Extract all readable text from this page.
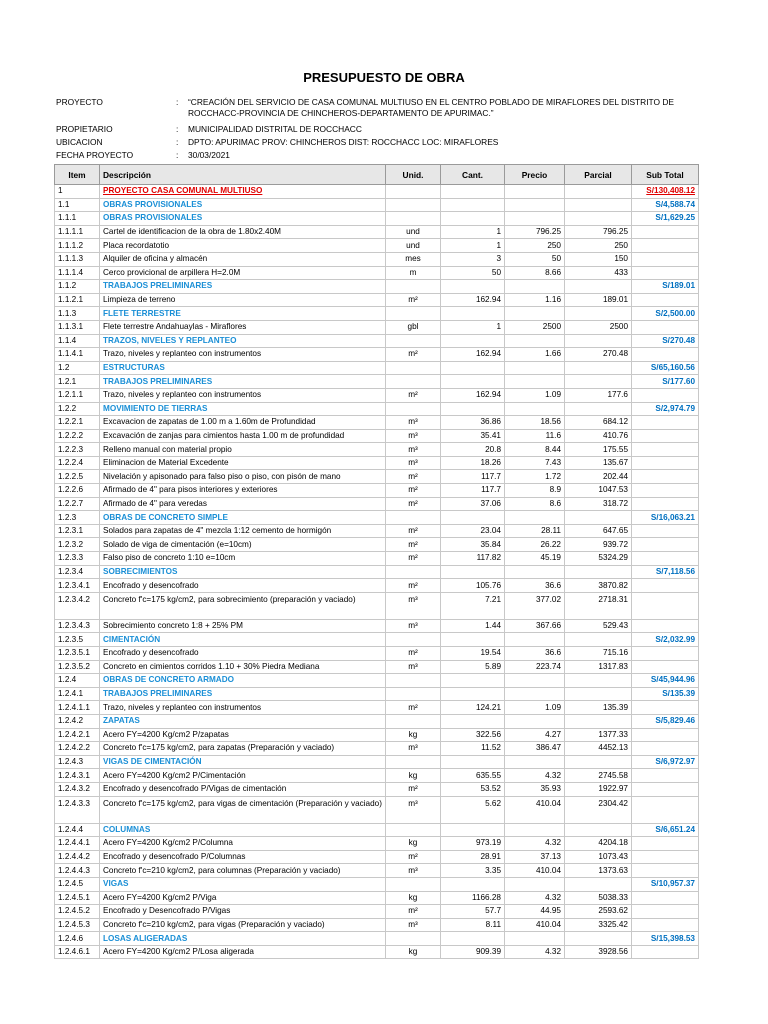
PRESUPUESTO DE OBRA
PROYECTO	: “CREACIÓN DEL SERVICIO DE CASA COMUNAL MULTIUSO EN EL CENTRO POBLADO DE MIRAFLORES DEL DISTRITO DE ROCCHACC-PROVINCIA DE CHINCHEROS-DEPARTAMENTO DE APURIMAC.”
PROPIETARIO	: MUNICIPALIDAD DISTRITAL DE ROCCHACC
UBICACION	: DPTO: APURIMAC PROV: CHINCHEROS DIST: ROCCHACC LOC: MIRAFLORES
FECHA PROYECTO	: 30/03/2021
Item	Descripción	Unid.	Cant.	Precio	Parcial	Sub Total
1	PROYECTO CASA COMUNAL MULTIUSO					S/130,408.12
1.1	OBRAS PROVISIONALES					S/4,588.74
1.1.1	OBRAS PROVISIONALES					S/1,629.25
1.1.1.1	Cartel de identificacion de la obra de 1.80x2.40M	und	1	796.25	796.25	
1.1.1.2	Placa recordatotio	und	1	250	250	
1.1.1.3	Alquiler de oficina y almacén	mes	3	50	150	
1.1.1.4	Cerco provicional de arpillera H=2.0M	m	50	8.66	433	
1.1.2	TRABAJOS PRELIMINARES					S/189.01
1.1.2.1	Limpieza de terreno	m²	162.94	1.16	189.01	
1.1.3	FLETE TERRESTRE					S/2,500.00
1.1.3.1	Flete terrestre Andahuaylas - Miraflores	gbl	1	2500	2500	
1.1.4	TRAZOS, NIVELES Y REPLANTEO					S/270.48
1.1.4.1	Trazo, niveles y replanteo con instrumentos	m²	162.94	1.66	270.48	
1.2	ESTRUCTURAS					S/65,160.56
1.2.1	TRABAJOS PRELIMINARES					S/177.60
1.2.1.1	Trazo, niveles y replanteo con instrumentos	m²	162.94	1.09	177.6	
1.2.2	MOVIMIENTO DE TIERRAS					S/2,974.79
1.2.2.1	Excavacion de zapatas de 1.00 m a 1.60m de Profundidad	m³	36.86	18.56	684.12	
1.2.2.2	Excavación de zanjas para cimientos hasta 1.00 m de profundidad	m³	35.41	11.6	410.76	
1.2.2.3	Relleno manual con material propio	m³	20.8	8.44	175.55	
1.2.2.4	Eliminacion de Material Excedente	m³	18.26	7.43	135.67	
1.2.2.5	Nivelación y apisonado para falso piso o piso, con pisón de mano	m²	117.7	1.72	202.44	
1.2.2.6	Afirmado de 4" para pisos interiores y exteriores	m²	117.7	8.9	1047.53	
1.2.2.7	Afirmado de 4" para veredas	m²	37.06	8.6	318.72	
1.2.3	OBRAS DE CONCRETO SIMPLE					S/16,063.21
1.2.3.1	Solados para zapatas de 4" mezcla 1:12 cemento de hormigón	m²	23.04	28.11	647.65	
1.2.3.2	Solado de viga de cimentación (e=10cm)	m²	35.84	26.22	939.72	
1.2.3.3	Falso piso de concreto 1:10 e=10cm	m²	117.82	45.19	5324.29	
1.2.3.4	SOBRECIMIENTOS					S/7,118.56
1.2.3.4.1	Encofrado y desencofrado	m²	105.76	36.6	3870.82	
1.2.3.4.2	Concreto f'c=175 kg/cm2, para sobrecimiento (preparación y vaciado)	m³	7.21	377.02	2718.31	
1.2.3.4.3	Sobrecimiento concreto 1:8 + 25% PM	m³	1.44	367.66	529.43	
1.2.3.5	CIMENTACIÓN					S/2,032.99
1.2.3.5.1	Encofrado y desencofrado	m²	19.54	36.6	715.16	
1.2.3.5.2	Concreto en cimientos corridos 1.10 + 30% Piedra Mediana	m³	5.89	223.74	1317.83	
1.2.4	OBRAS DE CONCRETO ARMADO					S/45,944.96
1.2.4.1	TRABAJOS PRELIMINARES					S/135.39
1.2.4.1.1	Trazo, niveles y replanteo con instrumentos	m²	124.21	1.09	135.39	
1.2.4.2	ZAPATAS					S/5,829.46
1.2.4.2.1	Acero FY=4200 Kg/cm2 P/zapatas	kg	322.56	4.27	1377.33	
1.2.4.2.2	Concreto f'c=175 kg/cm2, para zapatas (Preparación y vaciado)	m³	11.52	386.47	4452.13	
1.2.4.3	VIGAS DE CIMENTACIÓN					S/6,972.97
1.2.4.3.1	Acero FY=4200 Kg/cm2 P/Cimentación	kg	635.55	4.32	2745.58	
1.2.4.3.2	Encofrado y desencofrado P/Vigas de cimentación	m²	53.52	35.93	1922.97	
1.2.4.3.3	Concreto f'c=175 kg/cm2, para vigas de cimentación (Preparación y vaciado)	m³	5.62	410.04	2304.42	
1.2.4.4	COLUMNAS					S/6,651.24
1.2.4.4.1	Acero FY=4200 Kg/cm2 P/Columna	kg	973.19	4.32	4204.18	
1.2.4.4.2	Encofrado y desencofrado P/Columnas	m²	28.91	37.13	1073.43	
1.2.4.4.3	Concreto f'c=210 kg/cm2, para columnas (Preparación y vaciado)	m³	3.35	410.04	1373.63	
1.2.4.5	VIGAS					S/10,957.37
1.2.4.5.1	Acero FY=4200 Kg/cm2 P/Viga	kg	1166.28	4.32	5038.33	
1.2.4.5.2	Encofrado y Desencofrado P/Vigas	m²	57.7	44.95	2593.62	
1.2.4.5.3	Concreto f'c=210 kg/cm2, para vigas (Preparación y vaciado)	m³	8.11	410.04	3325.42	
1.2.4.6	LOSAS ALIGERADAS					S/15,398.53
1.2.4.6.1	Acero FY=4200 Kg/cm2 P/Losa aligerada	kg	909.39	4.32	3928.56	
